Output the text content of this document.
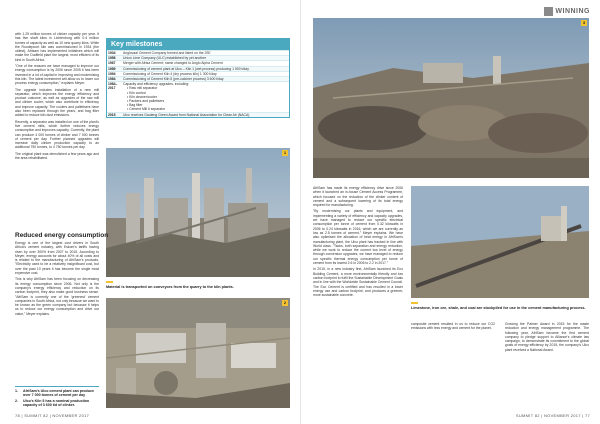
with 1.25 million tonnes of clinker capacity per year. It has five shaft kilns in Lichtenburg with 0.4 million tonnes of capacity as well as 10 new quarry kilns. While the Roodepoort kiln was commissioned in 1934 (the oldest), Afrisam has implemented initiatives which will make the Dudfield plant the largest, most efficient of its kind in South Africa.

"One of the reasons we have managed to improve our energy consumption is by 2006 since 2005 it has been invested in a lot of capital in improving and modernising this kiln. The latest investment will allow us to lower our process energy consumption," explains Meyer.

The upgrade includes installation of a new mill separator, which improves the energy efficiency and product outcome, as well as upgrades of the raw mill and clinker cooler, which also contribute to efficiency and improve capacity. The coolers and palletisers have also been replaced through the years, and bag filter added to reduce kiln dust emissions.

Recently, a separator was installed on one of the plant's five cement mills, which further reduces energy consumption and improves capacity. Currently, the plant can produce 4 000 tonnes of clinker and 7 000 tonnes of cement per day. Further planned upgrades will increase daily clinker production capacity to an additional 750 tonnes, to 4 750 tonnes per day.

The original plant was demolished a few years ago and the area rehabilitated.

Key milestones
1934	Anglovaal Cement Company formed and listed on the JSE
1956	Union Lime Company (ULC) established by yet another
1967	Merger with Afrisa Cement; name changed to Anglo Alpha Cement
1989	Commissioning of cement plant at Ulco – Kiln 1 (wet process) producing 1 500 t/day
1994	Commissioning of Cement Kiln 4 (dry process kiln) 1 300 t/day
1984	Commissioning of Cement Kiln 5 (pre-calciner process) 3 600 t/day
1984–2017
Capacity and efficiency upgrades, including:
• Raw mill separator
• Kiln control
• Kiln cleaner/cooler
• Packers and palletisers
• Bag filter
• Cement Mill 6 separator
2015	Ulco receives Gauteng Green Award from National Association for Clean Air (NACA)
1
Material is transported on conveyors from the quarry to the kiln plants.
2
Reduced energy consumption

Energy is one of the largest cost drivers in South Africa's cement industry, with Eskom's tariffs having risen by over 300% from 2007 to 2015. According to Meyer, energy accounts for about 40% of all costs and is related to the manufacturing of AfriSam's products. "Electricity used to be a relatively insignificant cost, but over the past 10 years it has become the single most expensive cost.

This is why AfriSam has been focusing on decreasing its energy consumption since 2006. Not only is the company's energy efficiency and reduction on its carbon footprint, they also make good business sense. "AfriSam is currently one of the 'greenest' cement companies in South Africa, not only because we want to be known as the green company but because it helps us to reduce our energy consumption and drive our value," Meyer explains.

1.	AfriSam's Ulco cement plant can produce over 7 000 tonnes of cement per day
2.	Ulco's Kiln 5 has a nominal production capacity of 3 600 t/d of clinker.
78 | SUMMIT 82 | NOVEMBER 2017
WINNING
3
Limestone, iron ore, shale, and coal are stockpiled for use in the cement manufacturing process.

AfriSam has made its energy efficiency drive since 2006 when it launched an in-house Cement Access Programme, which focused on the reduction of the clinker content of cement and a subsequent lowering of its total energy required for manufacturing.

"By modernising our plants and equipment, and implementing a variety of efficiency and capacity upgrades, we have managed to reduce our specific electrical consumption per tonne of cement from 0.32 kilowatts in 2006 to 0.24 kilowatts in 2016, which we are currently as low as 2.5 tonnes of cement," Meyer explains. We have also optimised the allocation of heat energy in AfriSam's manufacturing plant, the Ulco plant has tracked in line with World class. "Tacks, both separation and energy reduction, while we work to reduce the current low level of energy through conversion upgrades, we have managed to reduce our specific thermal energy consumption per tonne of cement from its lowest 2.6 in 2006 to 2.2 in 2017."

In 2015, in a new industry first, AfriSam launched its Eco Building Cement, a more environmentally friendly and low carbon footprint to fulfil the Sustainable Development Goals and in line with the Worldwide Sustainable Cement Council. The Eco Cement is certified and has resulted in a lower energy use and carbon footprint, and produces a greener, more sustainable concrete.

composite cement resulted in us to reduce our CO2 emissions with less energy and cement for the planet.

Growing the Palmer Award in 2015 for the waste reduction and energy management programme. The following year, AfriSam became the first cement company to pledge support to Alliance's climate law campaign, to demonstrate its commitment to the global goals of energy efficiency by 2015, the company's Ulco plant received a National Award.

SUMMIT 82 | NOVEMBER 2017 | 77
